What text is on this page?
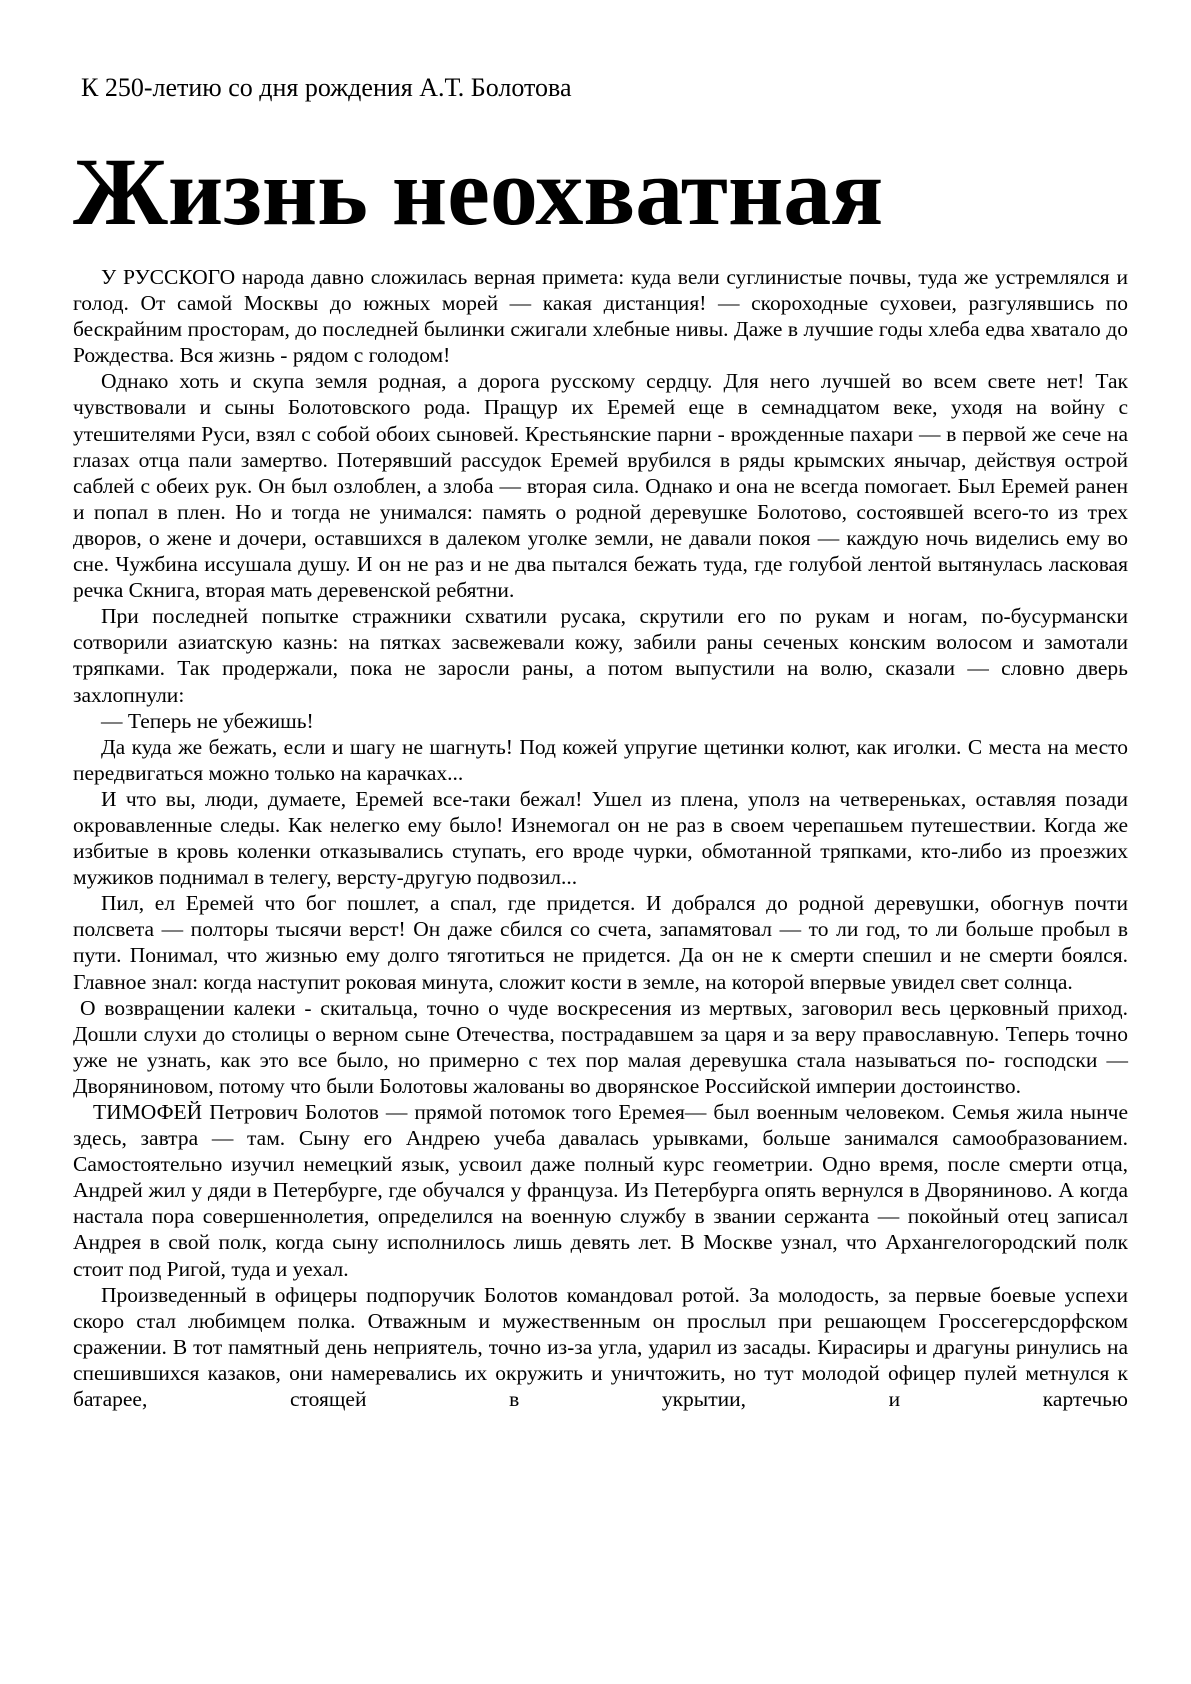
К 250-летию со дня рождения А.Т. Болотова
Жизнь неохватная

У РУССКОГО народа давно сложилась верная примета: куда вели суглинистые почвы, туда же устремлялся и голод. От самой Москвы до южных морей — какая дистанция! — скороходные суховеи, разгулявшись по бескрайним просторам, до последней былинки сжигали хлебные нивы. Даже в лучшие годы хлеба едва хватало до Рождества. Вся жизнь - рядом с голодом!

Однако хоть и скупа земля родная, а дорога русскому сердцу. Для него лучшей во всем свете нет! Так чувствовали и сыны Болотовского рода. Пращур их Еремей еще в семнадцатом веке, уходя на войну с утешителями Руси, взял с собой обоих сыновей. Крестьянские парни - врожденные пахари — в первой же сече на глазах отца пали замертво. Потерявший рассудок Еремей врубился в ряды крымских янычар, действуя острой саблей с обеих рук. Он был озлоблен, а злоба — вторая сила. Однако и она не всегда помогает. Был Еремей ранен и попал в плен. Но и тогда не унимался: память о родной деревушке Болотово, состоявшей всего-то из трех дворов, о жене и дочери, оставшихся в далеком уголке земли, не давали покоя — каждую ночь виделись ему во сне. Чужбина иссушала душу. И он не раз и не два пытался бежать туда, где голубой лентой вытянулась ласковая речка Скнига, вторая мать деревенской ребятни.

При последней попытке стражники схватили русака, скрутили его по рукам и ногам, по-бусурмански сотворили азиатскую казнь: на пятках засвежевали кожу, забили раны сеченых конским волосом и замотали тряпками. Так продержали, пока не заросли раны, а потом выпустили на волю, сказали — словно дверь захлопнули:

— Теперь не убежишь!

Да куда же бежать, если и шагу не шагнуть! Под кожей упругие щетинки колют, как иголки. С места на место передвигаться можно только на карачках...

И что вы, люди, думаете, Еремей все-таки бежал! Ушел из плена, уполз на четвереньках, оставляя позади окровавленные следы. Как нелегко ему было! Изнемогал он не раз в своем черепашьем путешествии. Когда же избитые в кровь коленки отказывались ступать, его вроде чурки, обмотанной тряпками, кто-либо из проезжих мужиков поднимал в телегу, версту-другую подвозил...

Пил, ел Еремей что бог пошлет, а спал, где придется. И добрался до родной деревушки, обогнув почти полсвета — полторы тысячи верст! Он даже сбился со счета, запамятовал — то ли год, то ли больше пробыл в пути. Понимал, что жизнью ему долго тяготиться не придется. Да он не к смерти спешил и не смерти боялся. Главное знал: когда наступит роковая минута, сложит кости в земле, на которой впервые увидел свет солнца.

О возвращении калеки - скитальца, точно о чуде воскресения из мертвых, заговорил весь церковный приход. Дошли слухи до столицы о верном сыне Отечества, пострадавшем за царя и за веру православную. Теперь точно уже не узнать, как это все было, но примерно с тех пор малая деревушка стала называться по- господски — Дворяниновом, потому что были Болотовы жалованы во дворянское Российской империи достоинство.

ТИМОФЕЙ Петрович Болотов — прямой потомок того Еремея— был военным человеком. Семья жила нынче здесь, завтра — там. Сыну его Андрею учеба давалась урывками, больше занимался самообразованием. Самостоятельно изучил немецкий язык, усвоил даже полный курс геометрии. Одно время, после смерти отца, Андрей жил у дяди в Петербурге, где обучался у француза. Из Петербурга опять вернулся в Дворяниново. А когда настала пора совершеннолетия, определился на военную службу в звании сержанта — покойный отец записал Андрея в свой полк, когда сыну исполнилось лишь девять лет. В Москве узнал, что Архангелогородский полк стоит под Ригой, туда и уехал.

Произведенный в офицеры подпоручик Болотов командовал ротой. За молодость, за первые боевые успехи скоро стал любимцем полка. Отважным и мужественным он прослыл при решающем Гроссегерсдорфском сражении. В тот памятный день неприятель, точно из-за угла, ударил из засады. Кирасиры и драгуны ринулись на спешившихся казаков, они намеревались их окружить и уничтожить, но тут молодой офицер пулей метнулся к батарее, стоящей в укрытии, и картечью
